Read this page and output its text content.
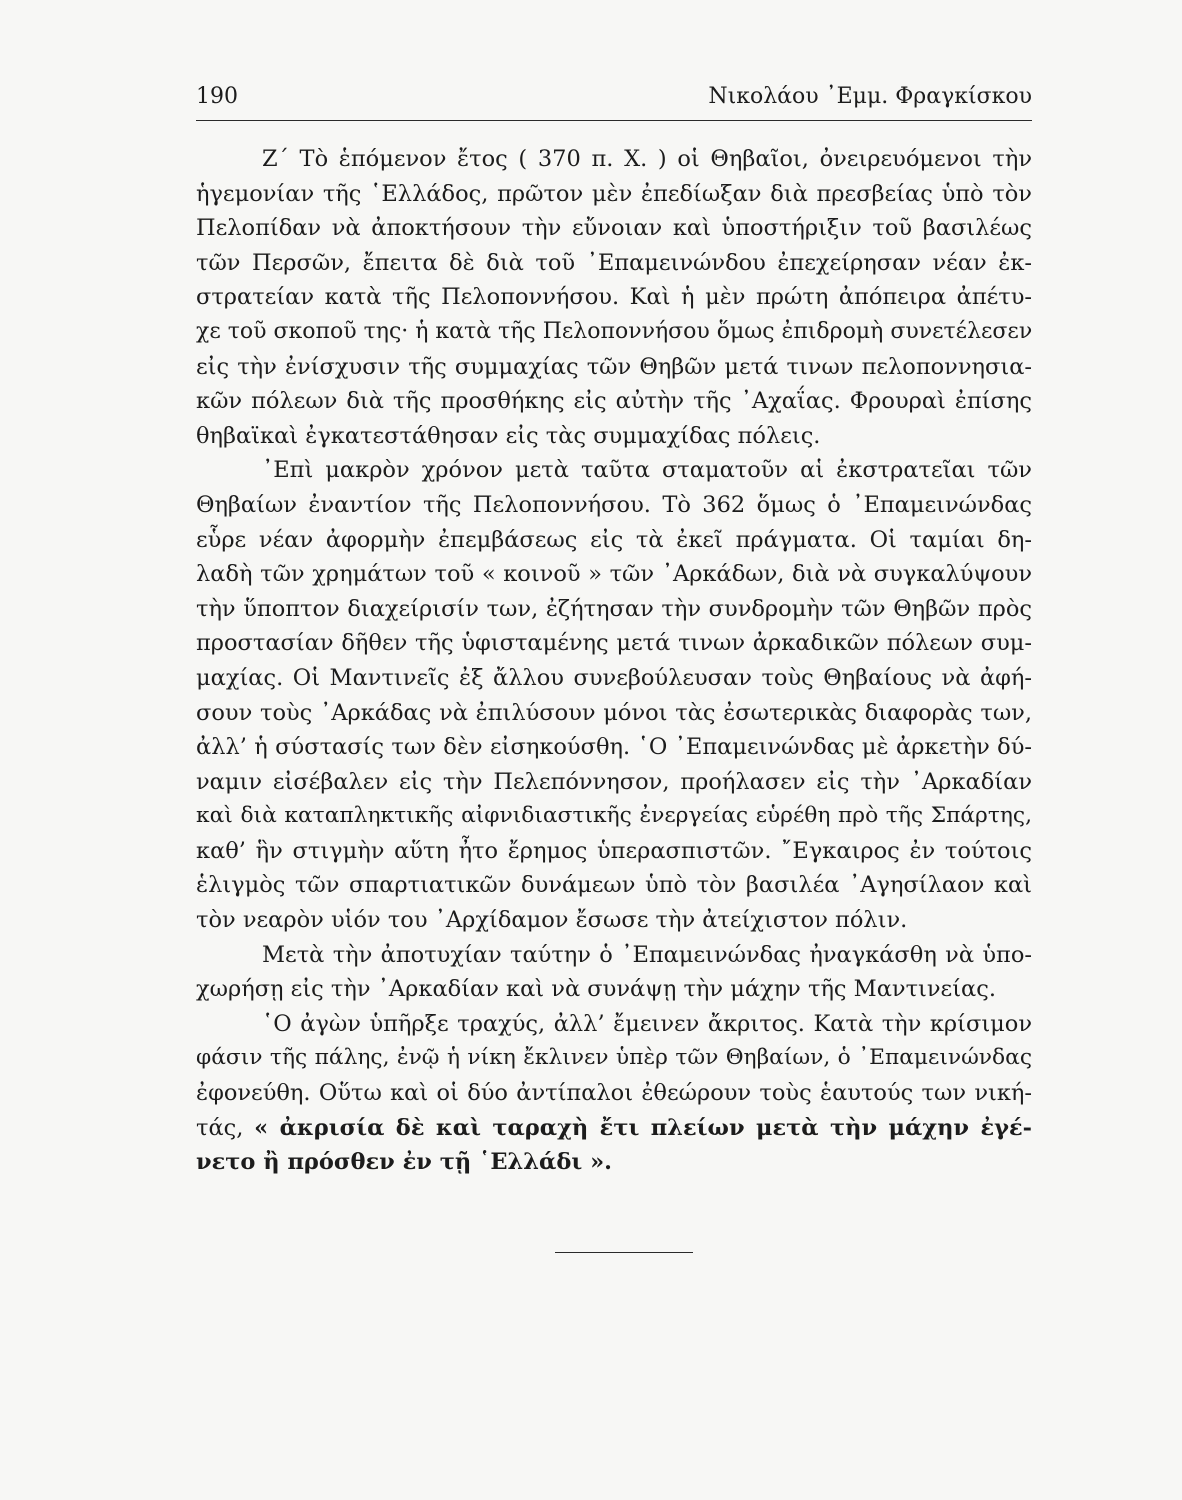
190	Νικολάου ᾿Εμμ. Φραγκίσκου
Ζ΄ Τὸ ἑπόμενον ἔτος ( 370 π. Χ. ) οἱ Θηβαῖοι, ὀνειρευόμενοι τὴν
ἡγεμονίαν τῆς ῾Ελλάδος, πρῶτον μὲν ἐπεδίωξαν διὰ πρεσβείας ὑπὸ τὸν
Πελοπίδαν νὰ ἀποκτήσουν τὴν εὔνοιαν καὶ ὑποστήριξιν τοῦ βασιλέως
τῶν Περσῶν, ἔπειτα δὲ διὰ τοῦ ᾿Επαμεινώνδου ἐπεχείρησαν νέαν ἐκ-
στρατείαν κατὰ τῆς Πελοποννήσου. Καὶ ἡ μὲν πρώτη ἀπόπειρα ἀπέτυ-
χε τοῦ σκοποῦ της· ἡ κατὰ τῆς Πελοποννήσου ὅμως ἐπιδρομὴ συνετέλεσεν
εἰς τὴν ἐνίσχυσιν τῆς συμμαχίας τῶν Θηβῶν μετά τινων πελοποννησια-
κῶν πόλεων διὰ τῆς προσθήκης εἰς αὐτὴν τῆς ᾿Αχαΐας. Φρουραὶ ἐπίσης
θηβαϊκαὶ ἐγκατεστάθησαν εἰς τὰς συμμαχίδας πόλεις.
᾿Επὶ μακρὸν χρόνον μετὰ ταῦτα σταματοῦν αἱ ἐκστρατεῖαι τῶν
Θηβαίων ἐναντίον τῆς Πελοποννήσου. Τὸ 362 ὅμως ὁ ᾿Επαμεινώνδας
εὗρε νέαν ἀφορμὴν ἐπεμβάσεως εἰς τὰ ἐκεῖ πράγματα. Οἱ ταμίαι δη-
λαδὴ τῶν χρημάτων τοῦ « κοινοῦ » τῶν ᾿Αρκάδων, διὰ νὰ συγκαλύψουν
τὴν ὕποπτον διαχείρισίν των, ἐζήτησαν τὴν συνδρομὴν τῶν Θηβῶν πρὸς
προστασίαν δῆθεν τῆς ὑφισταμένης μετά τινων ἀρκαδικῶν πόλεων συμ-
μαχίας. Οἱ Μαντινεῖς ἐξ ἄλλου συνεβούλευσαν τοὺς Θηβαίους νὰ ἀφή-
σουν τοὺς ᾿Αρκάδας νὰ ἐπιλύσουν μόνοι τὰς ἐσωτερικὰς διαφορὰς των,
ἀλλ’ ἡ σύστασίς των δὲν εἰσηκούσθη. ῾Ο ᾿Επαμεινώνδας μὲ ἀρκετὴν δύ-
ναμιν εἰσέβαλεν εἰς τὴν Πελεπόννησον, προήλασεν εἰς τὴν ᾿Αρκαδίαν
καὶ διὰ καταπληκτικῆς αἰφνιδιαστικῆς ἐνεργείας εὑρέθη πρὸ τῆς Σπάρτης,
καθ’ ἣν στιγμὴν αὕτη ἦτο ἔρημος ὑπερασπιστῶν. ῎Εγκαιρος ἐν τούτοις
ἑλιγμὸς τῶν σπαρτιατικῶν δυνάμεων ὑπὸ τὸν βασιλέα ᾿Αγησίλαον καὶ
τὸν νεαρὸν υἱόν του ᾿Αρχίδαμον ἔσωσε τὴν ἀτείχιστον πόλιν.
Μετὰ τὴν ἀποτυχίαν ταύτην ὁ ᾿Επαμεινώνδας ἠναγκάσθη νὰ ὑπο-
χωρήσῃ εἰς τὴν ᾿Αρκαδίαν καὶ νὰ συνάψῃ τὴν μάχην τῆς Μαντινείας.
῾Ο ἀγὼν ὑπῆρξε τραχύς, ἀλλ’ ἔμεινεν ἄκριτος. Κατὰ τὴν κρίσιμον
φάσιν τῆς πάλης, ἐνῷ ἡ νίκη ἔκλινεν ὑπὲρ τῶν Θηβαίων, ὁ ᾿Επαμεινώνδας
ἐφονεύθη. Οὕτω καὶ οἱ δύο ἀντίπαλοι ἐθεώρουν τοὺς ἑαυτούς των νική-
τάς, « ἀκρισία δὲ καὶ ταραχὴ ἔτι πλείων μετὰ τὴν μάχην ἐγέ-
νετο ἢ πρόσθεν ἐν τῇ ῾Ελλάδι ».
